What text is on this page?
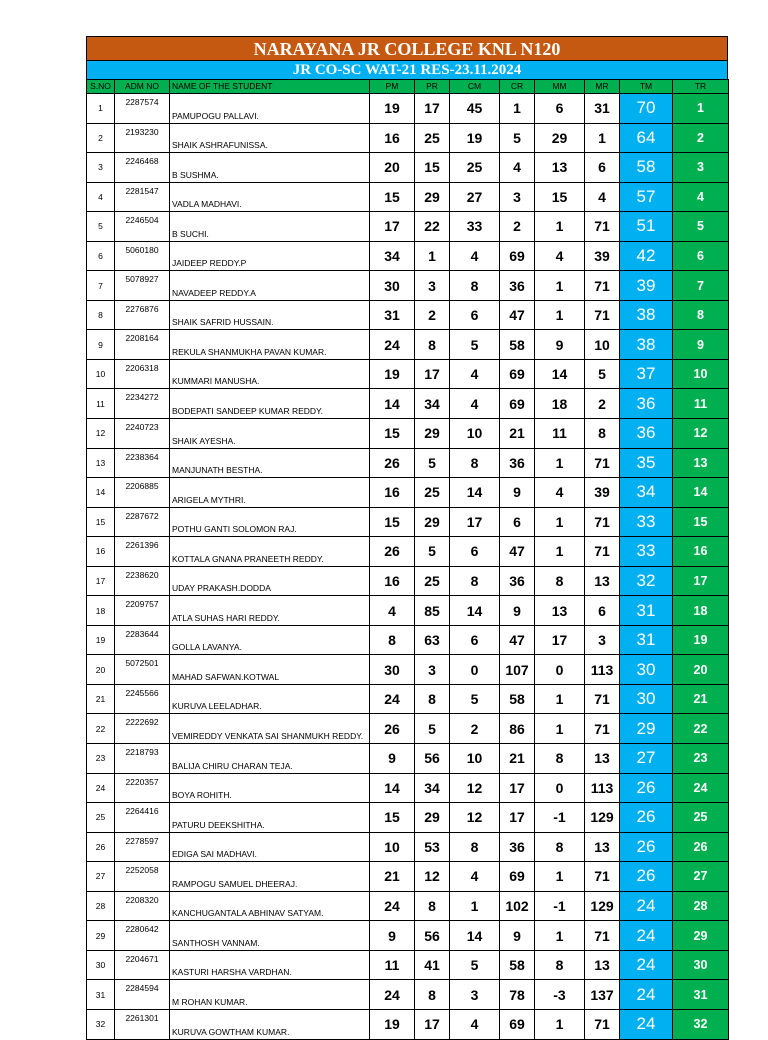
NARAYANA JR COLLEGE KNL N120
JR CO-SC WAT-21 RES-23.11.2024
S.NO	ADM NO	NAME OF THE STUDENT	PM	PR	CM	CR	MM	MR	TM	TR
1	2287574	PAMUPOGU PALLAVI.	19	17	45	1	6	31	70	1
2	2193230	SHAIK ASHRAFUNISSA.	16	25	19	5	29	1	64	2
3	2246468	B SUSHMA.	20	15	25	4	13	6	58	3
4	2281547	VADLA MADHAVI.	15	29	27	3	15	4	57	4
5	2246504	B SUCHI.	17	22	33	2	1	71	51	5
6	5060180	JAIDEEP REDDY.P	34	1	4	69	4	39	42	6
7	5078927	NAVADEEP REDDY.A	30	3	8	36	1	71	39	7
8	2276876	SHAIK SAFRID HUSSAIN.	31	2	6	47	1	71	38	8
9	2208164	REKULA SHANMUKHA PAVAN KUMAR.	24	8	5	58	9	10	38	9
10	2206318	KUMMARI MANUSHA.	19	17	4	69	14	5	37	10
11	2234272	BODEPATI SANDEEP KUMAR REDDY.	14	34	4	69	18	2	36	11
12	2240723	SHAIK AYESHA.	15	29	10	21	11	8	36	12
13	2238364	MANJUNATH BESTHA.	26	5	8	36	1	71	35	13
14	2206885	ARIGELA MYTHRI.	16	25	14	9	4	39	34	14
15	2287672	POTHU GANTI SOLOMON RAJ.	15	29	17	6	1	71	33	15
16	2261396	KOTTALA GNANA PRANEETH REDDY.	26	5	6	47	1	71	33	16
17	2238620	UDAY PRAKASH.DODDA	16	25	8	36	8	13	32	17
18	2209757	ATLA SUHAS HARI REDDY.	4	85	14	9	13	6	31	18
19	2283644	GOLLA LAVANYA.	8	63	6	47	17	3	31	19
20	5072501	MAHAD SAFWAN.KOTWAL	30	3	0	107	0	113	30	20
21	2245566	KURUVA LEELADHAR.	24	8	5	58	1	71	30	21
22	2222692	VEMIREDDY VENKATA SAI SHANMUKH REDDY.	26	5	2	86	1	71	29	22
23	2218793	BALIJA CHIRU CHARAN TEJA.	9	56	10	21	8	13	27	23
24	2220357	BOYA ROHITH.	14	34	12	17	0	113	26	24
25	2264416	PATURU DEEKSHITHA.	15	29	12	17	-1	129	26	25
26	2278597	EDIGA SAI MADHAVI.	10	53	8	36	8	13	26	26
27	2252058	RAMPOGU SAMUEL DHEERAJ.	21	12	4	69	1	71	26	27
28	2208320	KANCHUGANTALA ABHINAV SATYAM.	24	8	1	102	-1	129	24	28
29	2280642	SANTHOSH VANNAM.	9	56	14	9	1	71	24	29
30	2204671	KASTURI HARSHA VARDHAN.	11	41	5	58	8	13	24	30
31	2284594	M ROHAN KUMAR.	24	8	3	78	-3	137	24	31
32	2261301	KURUVA GOWTHAM KUMAR.	19	17	4	69	1	71	24	32
